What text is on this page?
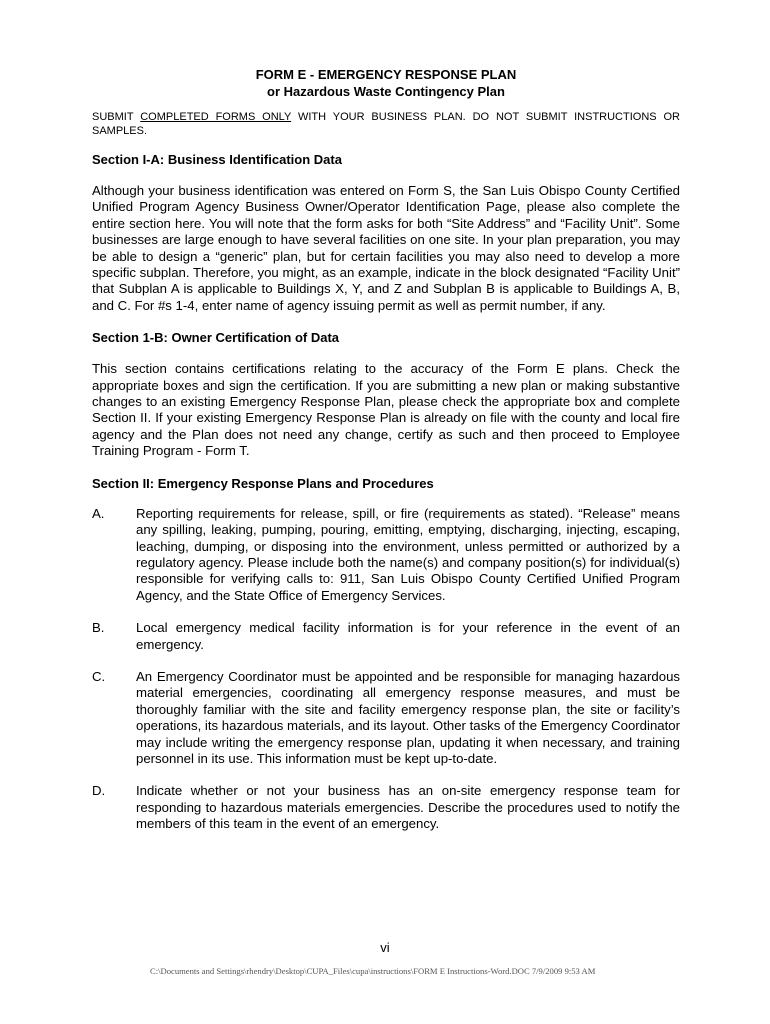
FORM E - EMERGENCY RESPONSE PLAN

or Hazardous Waste Contingency Plan

SUBMIT COMPLETED FORMS ONLY WITH YOUR BUSINESS PLAN. DO NOT SUBMIT INSTRUCTIONS OR SAMPLES.

Section I-A: Business Identification Data

Although your business identification was entered on Form S, the San Luis Obispo County Certified Unified Program Agency Business Owner/Operator Identification Page, please also complete the entire section here. You will note that the form asks for both “Site Address” and “Facility Unit”. Some businesses are large enough to have several facilities on one site. In your plan preparation, you may be able to design a “generic” plan, but for certain facilities you may also need to develop a more specific subplan. Therefore, you might, as an example, indicate in the block designated “Facility Unit” that Subplan A is applicable to Buildings X, Y, and Z and Subplan B is applicable to Buildings A, B, and C. For #s 1-4, enter name of agency issuing permit as well as permit number, if any.

Section 1-B: Owner Certification of Data

This section contains certifications relating to the accuracy of the Form E plans. Check the appropriate boxes and sign the certification. If you are submitting a new plan or making substantive changes to an existing Emergency Response Plan, please check the appropriate box and complete Section II. If your existing Emergency Response Plan is already on file with the county and local fire agency and the Plan does not need any change, certify as such and then proceed to Employee Training Program - Form T.

Section II: Emergency Response Plans and Procedures
A.	Reporting requirements for release, spill, or fire (requirements as stated). “Release” means any spilling, leaking, pumping, pouring, emitting, emptying, discharging, injecting, escaping, leaching, dumping, or disposing into the environment, unless permitted or authorized by a regulatory agency. Please include both the name(s) and company position(s) for individual(s) responsible for verifying calls to: 911, San Luis Obispo County Certified Unified Program Agency, and the State Office of Emergency Services.
B.	Local emergency medical facility information is for your reference in the event of an emergency.
C.	An Emergency Coordinator must be appointed and be responsible for managing hazardous material emergencies, coordinating all emergency response measures, and must be thoroughly familiar with the site and facility emergency response plan, the site or facility’s operations, its hazardous materials, and its layout. Other tasks of the Emergency Coordinator may include writing the emergency response plan, updating it when necessary, and training personnel in its use. This information must be kept up-to-date.
D.	Indicate whether or not your business has an on-site emergency response team for responding to hazardous materials emergencies. Describe the procedures used to notify the members of this team in the event of an emergency.
vi
C:\Documents and Settings\rhendry\Desktop\CUPA_Files\cupa\instructions\FORM E Instructions-Word.DOC 7/9/2009 9:53 AM
